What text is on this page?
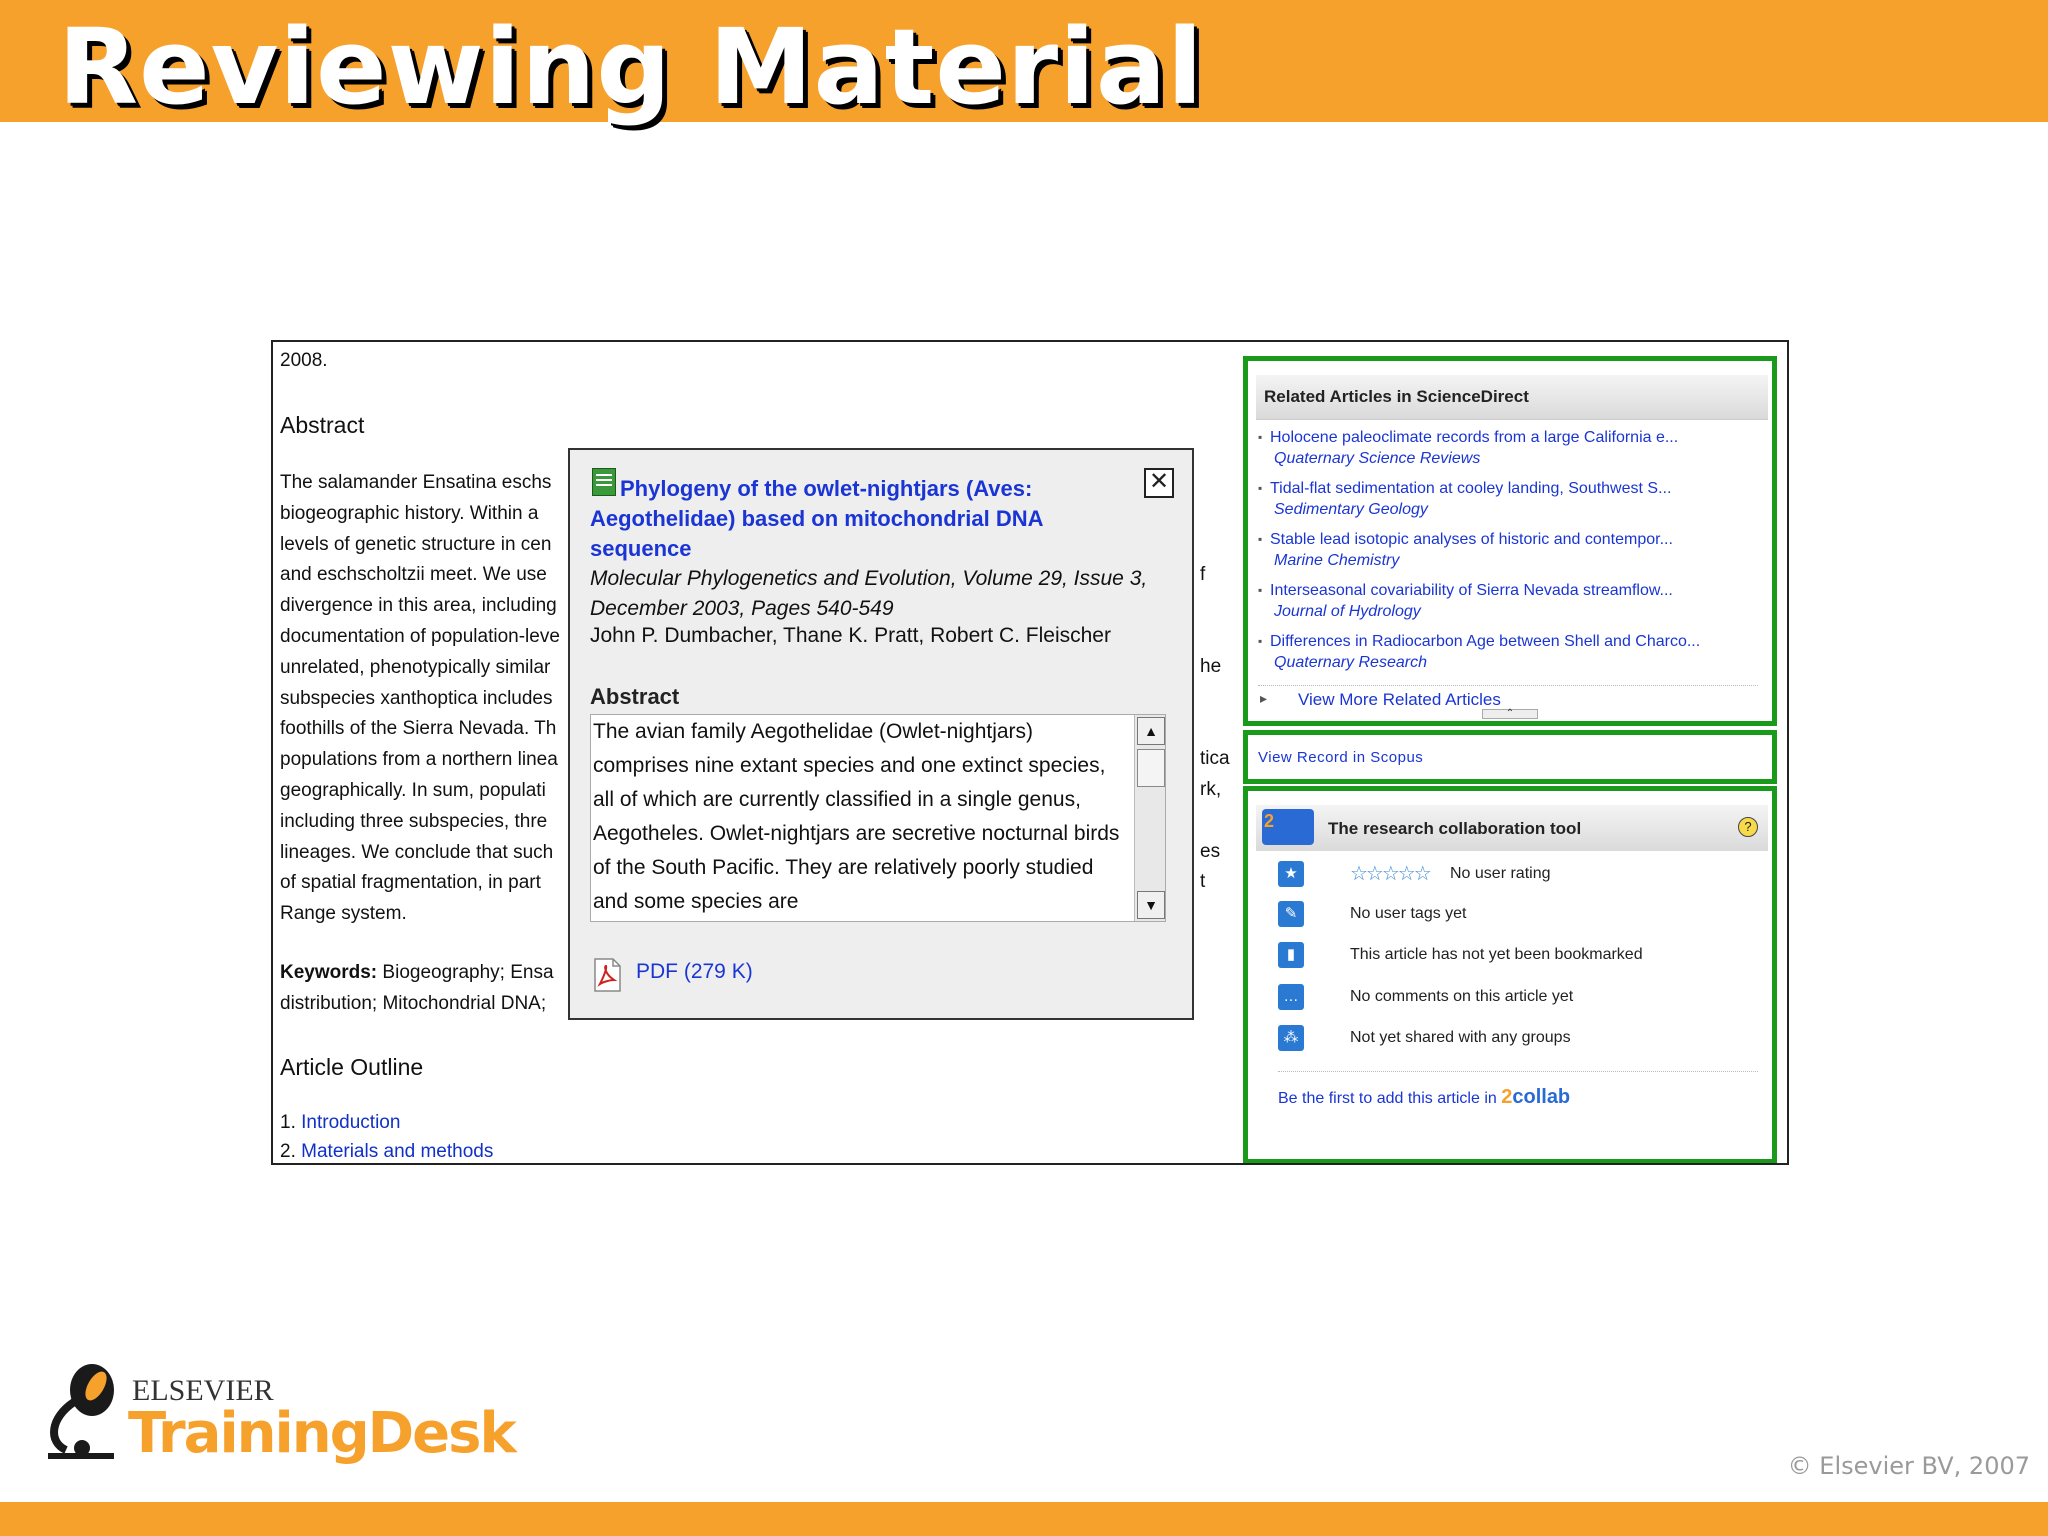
Reviewing Material
2008.
Abstract
The salamander Ensatina eschs
biogeographic history. Within a
levels of genetic structure in cen
and eschscholtzii meet. We use
divergence in this area, including
documentation of population-leve
unrelated, phenotypically similar
subspecies xanthoptica includes
foothills of the Sierra Nevada. Th
populations from a northern linea
geographically. In sum, populati
including three subspecies, thre
lineages. We conclude that such
of spatial fragmentation, in part
Range system.
f
he
tica
rk,
es
t
Keywords: Biogeography; Ensa
distribution; Mitochondrial DNA;
Article Outline
1. Introduction
2. Materials and methods
✕
Phylogeny of the owlet-nightjars (Aves: Aegothelidae) based on mitochondrial DNA sequence
Molecular Phylogenetics and Evolution, Volume 29, Issue 3, December 2003, Pages 540-549
John P. Dumbacher, Thane K. Pratt, Robert C. Fleischer
Abstract
The avian family Aegothelidae (Owlet-nightjars) comprises nine extant species and one extinct species, all of which are currently classified in a single genus, Aegotheles. Owlet-nightjars are secretive nocturnal birds of the South Pacific. They are relatively poorly studied and some species are
▲
▼
PDF (279 K)
Related Articles in ScienceDirect
▪ Holocene paleoclimate records from a large California e...
Quaternary Science Reviews
▪ Tidal-flat sedimentation at cooley landing, Southwest S...
Sedimentary Geology
▪ Stable lead isotopic analyses of historic and contempor...
Marine Chemistry
▪ Interseasonal covariability of Sierra Nevada streamflow...
Journal of Hydrology
▪ Differences in Radiocarbon Age between Shell and Charco...
Quaternary Research
▸ View More Related Articles
⌃
View Record in Scopus
2
The research collaboration tool	?
★	☆☆☆☆☆ No user rating
✎	No user tags yet
▮	This article has not yet been bookmarked
…	No comments on this article yet
⁂	Not yet shared with any groups
Be the first to add this article in 2collab
ELSEVIER
TrainingDesk	© Elsevier BV, 2007
